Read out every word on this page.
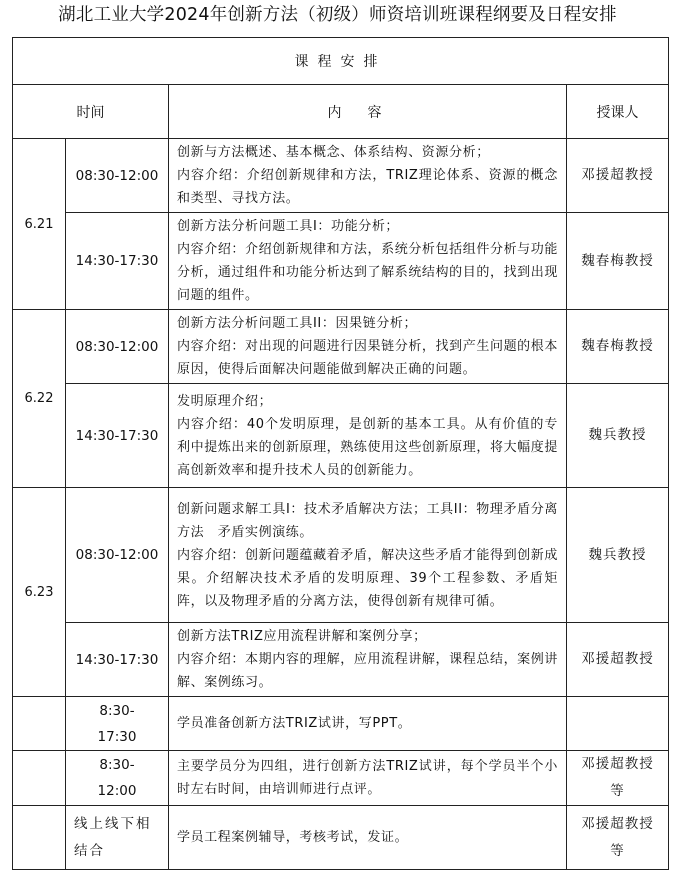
湖北工业大学2024年创新方法（初级）师资培训班课程纲要及日程安排
课程安排			
时间		内容	授课人
6.21	08:30-12:00	创新与方法概述、基本概念、体系结构、资源分析；
内容介绍：介绍创新规律和方法，TRIZ理论体系、资源的概念和类型、寻找方法。	邓援超教授
	14:30-17:30	创新方法分析问题工具I：功能分析；
内容介绍：介绍创新规律和方法，系统分析包括组件分析与功能分析，通过组件和功能分析达到了解系统结构的目的，找到出现问题的组件。	魏春梅教授
6.22	08:30-12:00	创新方法分析问题工具II：因果链分析；
内容介绍：对出现的问题进行因果链分析，找到产生问题的根本原因，使得后面解决问题能做到解决正确的问题。	魏春梅教授
	14:30-17:30	发明原理介绍；
内容介绍：40个发明原理，是创新的基本工具。从有价值的专利中提炼出来的创新原理，熟练使用这些创新原理，将大幅度提高创新效率和提升技术人员的创新能力。	魏兵教授
6.23	08:30-12:00	创新问题求解工具I：技术矛盾解决方法；工具II：物理矛盾分离方法　矛盾实例演练。
内容介绍：创新问题蕴藏着矛盾，解决这些矛盾才能得到创新成果。介绍解决技术矛盾的发明原理、39个工程参数、矛盾矩阵，以及物理矛盾的分离方法，使得创新有规律可循。	魏兵教授
	14:30-17:30	创新方法TRIZ应用流程讲解和案例分享；
内容介绍：本期内容的理解，应用流程讲解，课程总结，案例讲解、案例练习。	邓援超教授

	8:30-
17:30	学员准备创新方法TRIZ试讲，写PPT。	

	8:30-
12:00	主要学员分为四组，进行创新方法TRIZ试讲，每个学员半个小时左右时间，由培训师进行点评。	邓援超教授
等

	线上线下相
结合	学员工程案例辅导，考核考试，发证。	邓援超教授
等
